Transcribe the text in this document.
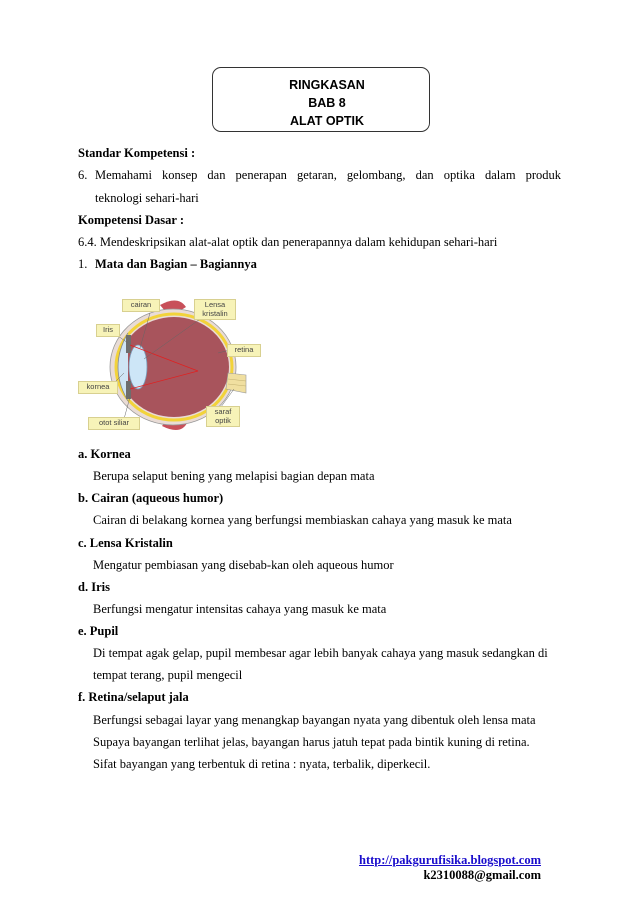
RINGKASAN
BAB 8
ALAT OPTIK
Standar Kompetensi :
6. Memahami konsep dan penerapan getaran, gelombang, dan optika dalam produk
teknologi sehari-hari
Kompetensi Dasar :
6.4. Mendeskripsikan alat-alat optik dan penerapannya dalam kehidupan sehari-hari
1. Mata dan Bagian – Bagiannya
cairan	Lensa
kristalin
Iris
retina
kornea
saraf
optik
otot siliar
a. Kornea
Berupa selaput bening yang melapisi bagian depan mata
b. Cairan (aqueous humor)
Cairan di belakang kornea yang berfungsi membiaskan cahaya yang masuk ke mata
c. Lensa Kristalin
Mengatur pembiasan yang disebab-kan oleh aqueous humor
d. Iris
Berfungsi mengatur intensitas cahaya yang masuk ke mata
e. Pupil
Di tempat agak gelap, pupil membesar agar lebih banyak cahaya yang masuk sedangkan di
tempat terang, pupil mengecil
f. Retina/selaput jala
Berfungsi sebagai layar yang menangkap bayangan nyata yang dibentuk oleh lensa mata
Supaya bayangan terlihat jelas, bayangan harus jatuh tepat pada bintik kuning di retina.
Sifat bayangan yang terbentuk di retina : nyata, terbalik, diperkecil.
http://pakgurufisika.blogspot.com
k2310088@gmail.com
